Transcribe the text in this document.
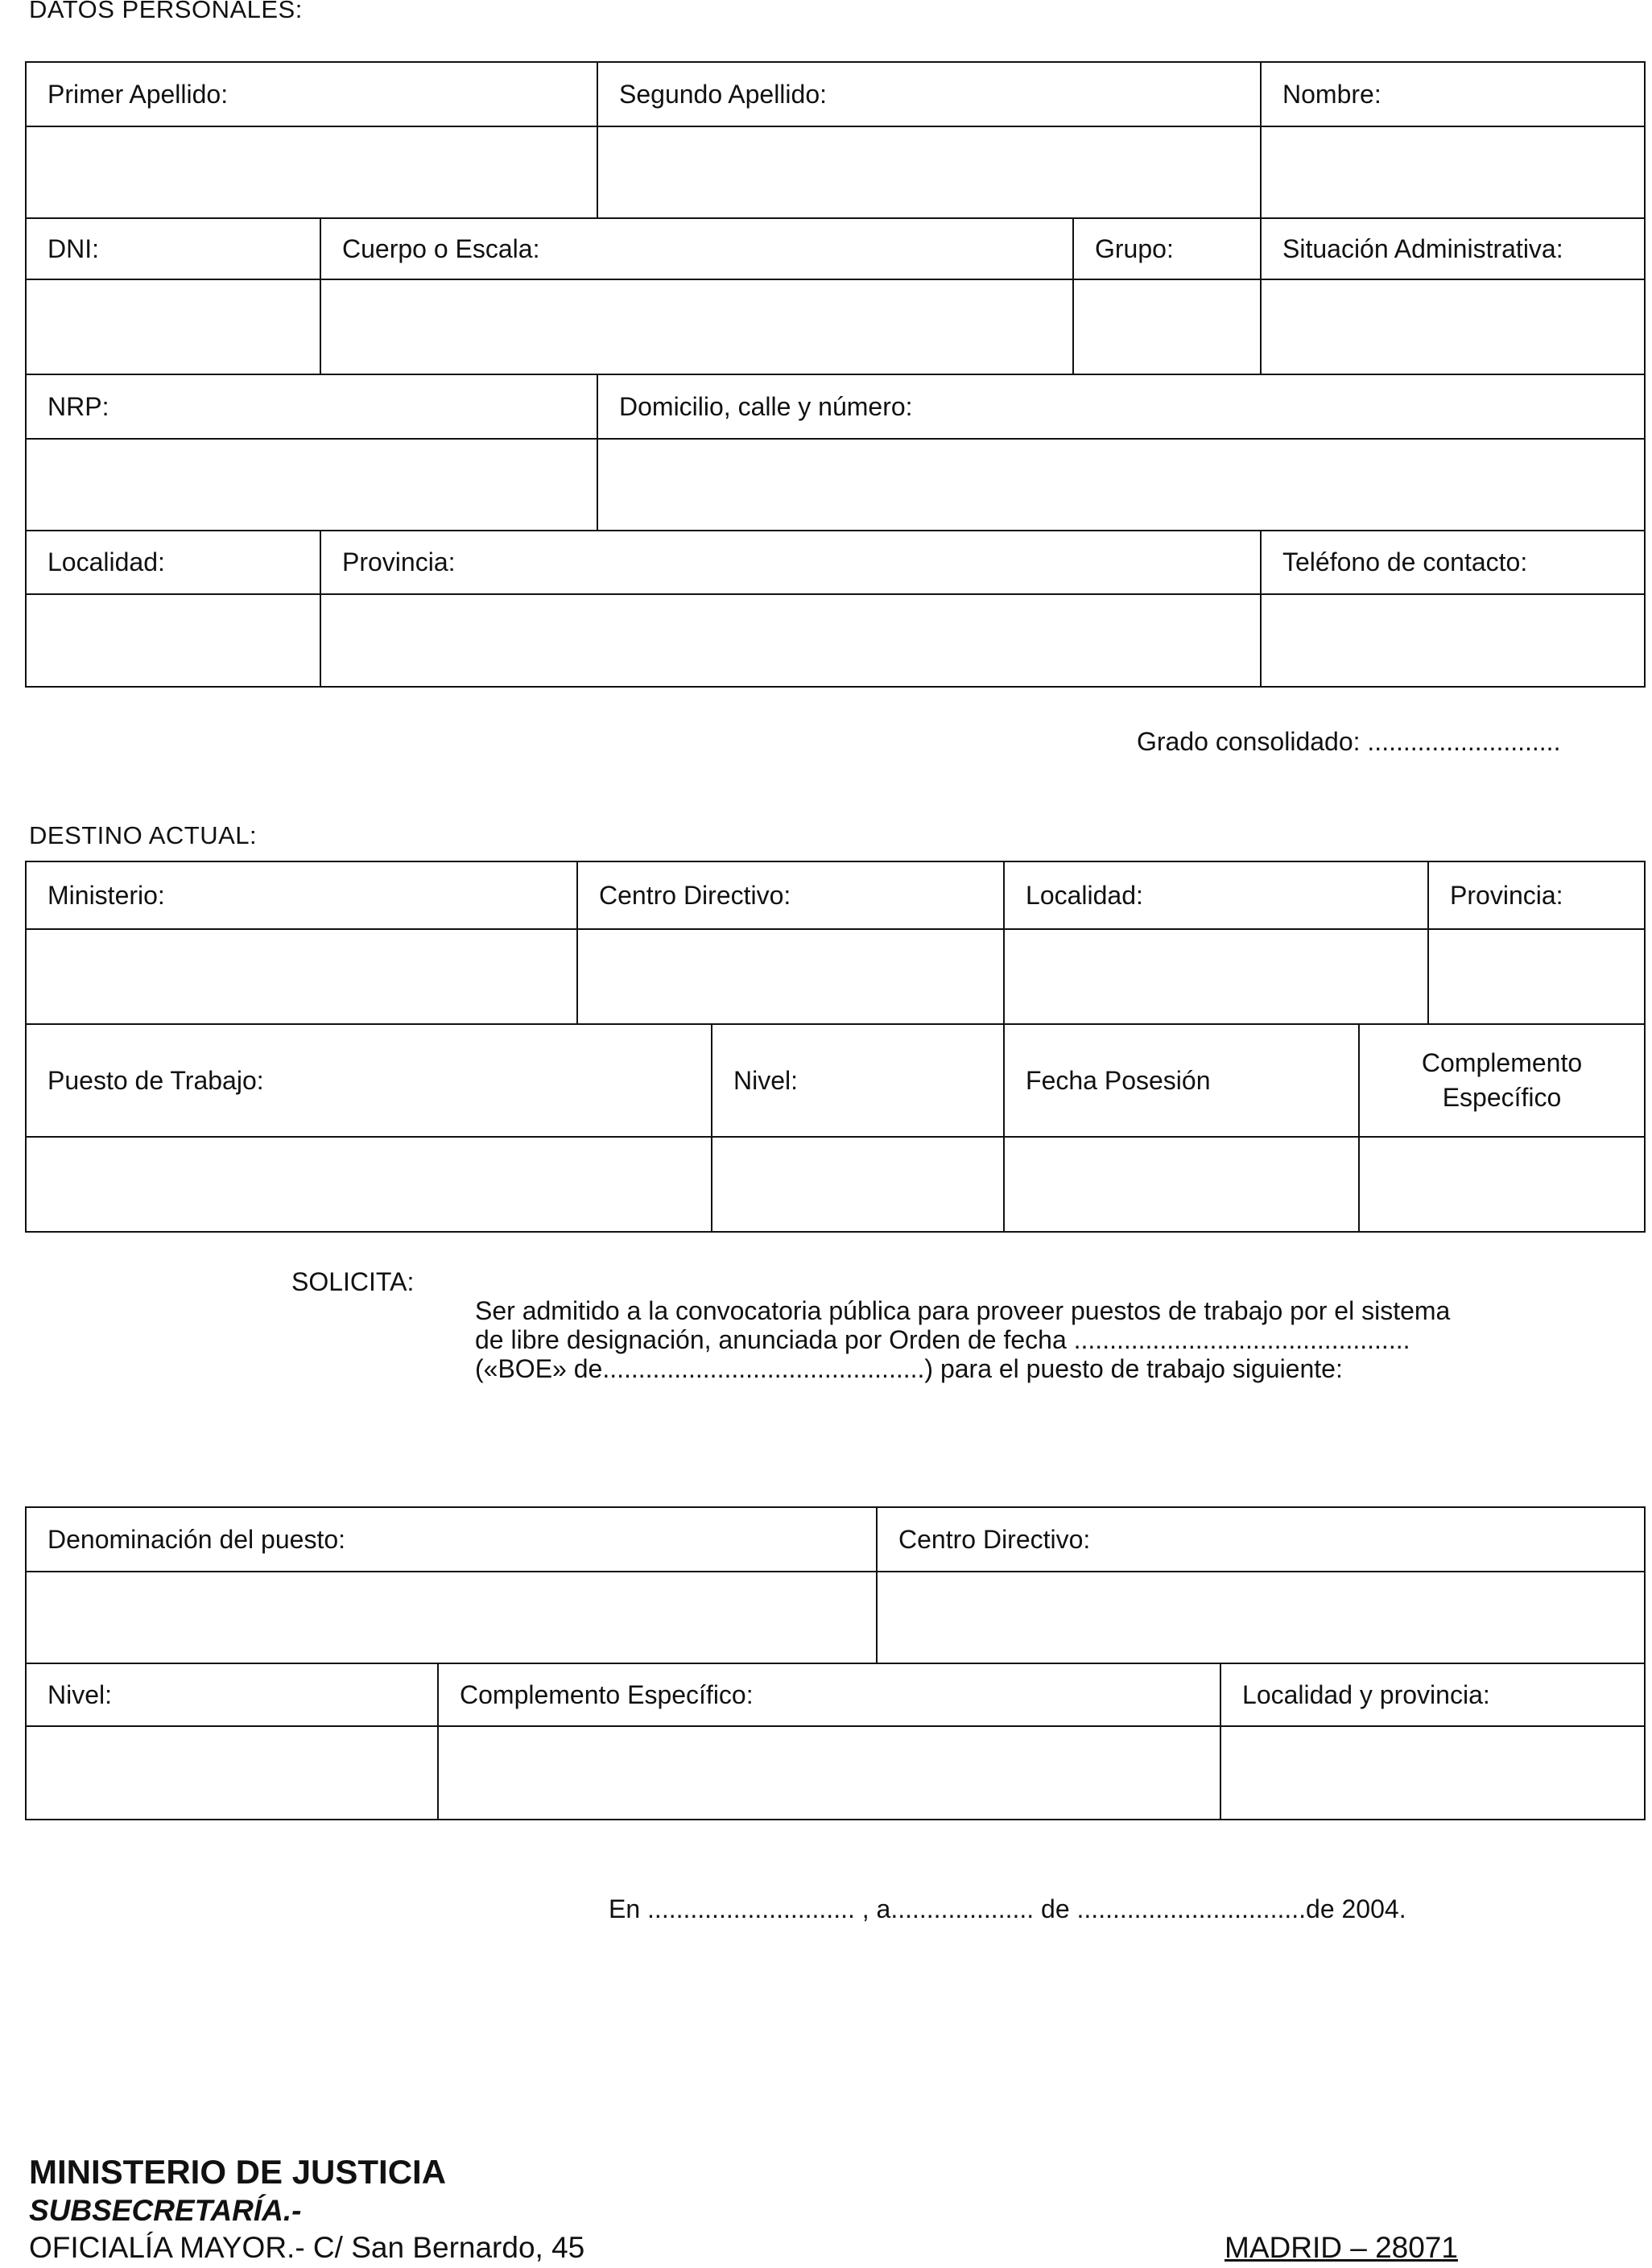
DATOS PERSONALES:
Primer Apellido:		Segundo Apellido:		Nombre:

DNI:	Cuerpo o Escala:		Grupo:	Situación Administrativa:

NRP:		Domicilio, calle y número:		

Localidad:	Provincia:			Teléfono de contacto:

Grado consolidado: ...........................
DESTINO ACTUAL:
Ministerio:	Centro Directivo:		Localidad:		Provincia:

Puesto de Trabajo:		Nivel:	Fecha Posesión	Complemento Específico	

SOLICITA:

Ser admitido a la convocatoria pública para proveer puestos de trabajo por el sistema
de libre designación, anunciada por Orden de fecha ...............................................
(«BOE» de.............................................) para el puesto de trabajo siguiente:

Denominación del puesto:		Centro Directivo:	

Nivel:	Complemento Específico:		Localidad y provincia:

En ............................. , a.................... de ................................de 2004.
MINISTERIO DE JUSTICIA
SUBSECRETARÍA.-
OFICIALÍA MAYOR.- C/ San Bernardo, 45	MADRID – 28071
